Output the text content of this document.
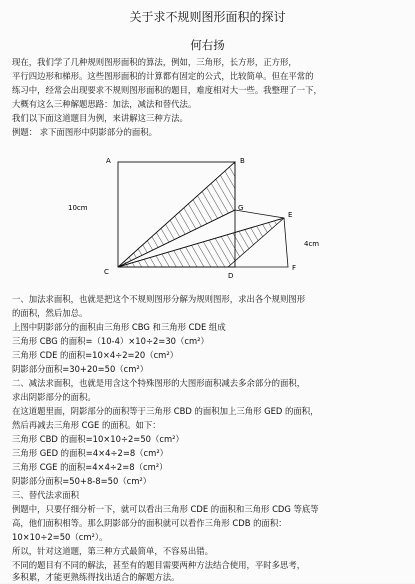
关于求不规则图形面积的探讨
何右扬
现在，我们学了几种规则图形面积的算法，例如，三角形，长方形，正方形，
平行四边形和梯形。这些图形面积的计算都有固定的公式，比较简单。但在平常的
练习中，经常会出现要求不规则图形面积的题目，难度相对大一些。我整理了一下，
大概有这么三种解题思路：加法，减法和替代法。
我们以下面这道题目为例，来讲解这三种方法。
例题： 求下面图形中阴影部分的面积。
A	B
C	D
E
F
G
10cm
4cm
一、加法求面积，也就是把这个不规则图形分解为规则图形，求出各个规则图形
的面积，然后加总。
上图中阴影部分的面积由三角形 CBG 和三角形 CDE 组成
三角形 CBG 的面积=（10-4）×10÷2=30（cm²）
三角形 CDE 的面积=10×4÷2=20（cm²）
阴影部分面积=30+20=50（cm²）
二、减法求面积，也就是用含这个特殊图形的大图形面积减去多余部分的面积，
求出阴影部分的面积。
在这道题里面，阴影部分的面积等于三角形 CBD 的面积加上三角形 GED 的面积，
然后再减去三角形 CGE 的面积。如下：
三角形 CBD 的面积=10×10÷2=50（cm²）
三角形 GED 的面积=4×4÷2=8（cm²）
三角形 CGE 的面积=4×4÷2=8（cm²）
阴影部分面积=50+8-8=50（cm²）
三、替代法求面积
例题中，只要仔细分析一下，就可以看出三角形 CDE 的面积和三角形 CDG 等底等
高，他们面积相等。那么阴影部分的面积就可以看作三角形 CDB 的面积：
10×10÷2=50（cm²）。
所以，针对这道题，第三种方式最简单，不容易出错。
不同的题目有不同的解法，甚至有的题目需要两种方法结合使用，平时多思考，
多积累，才能更熟练得找出适合的解题方法。
